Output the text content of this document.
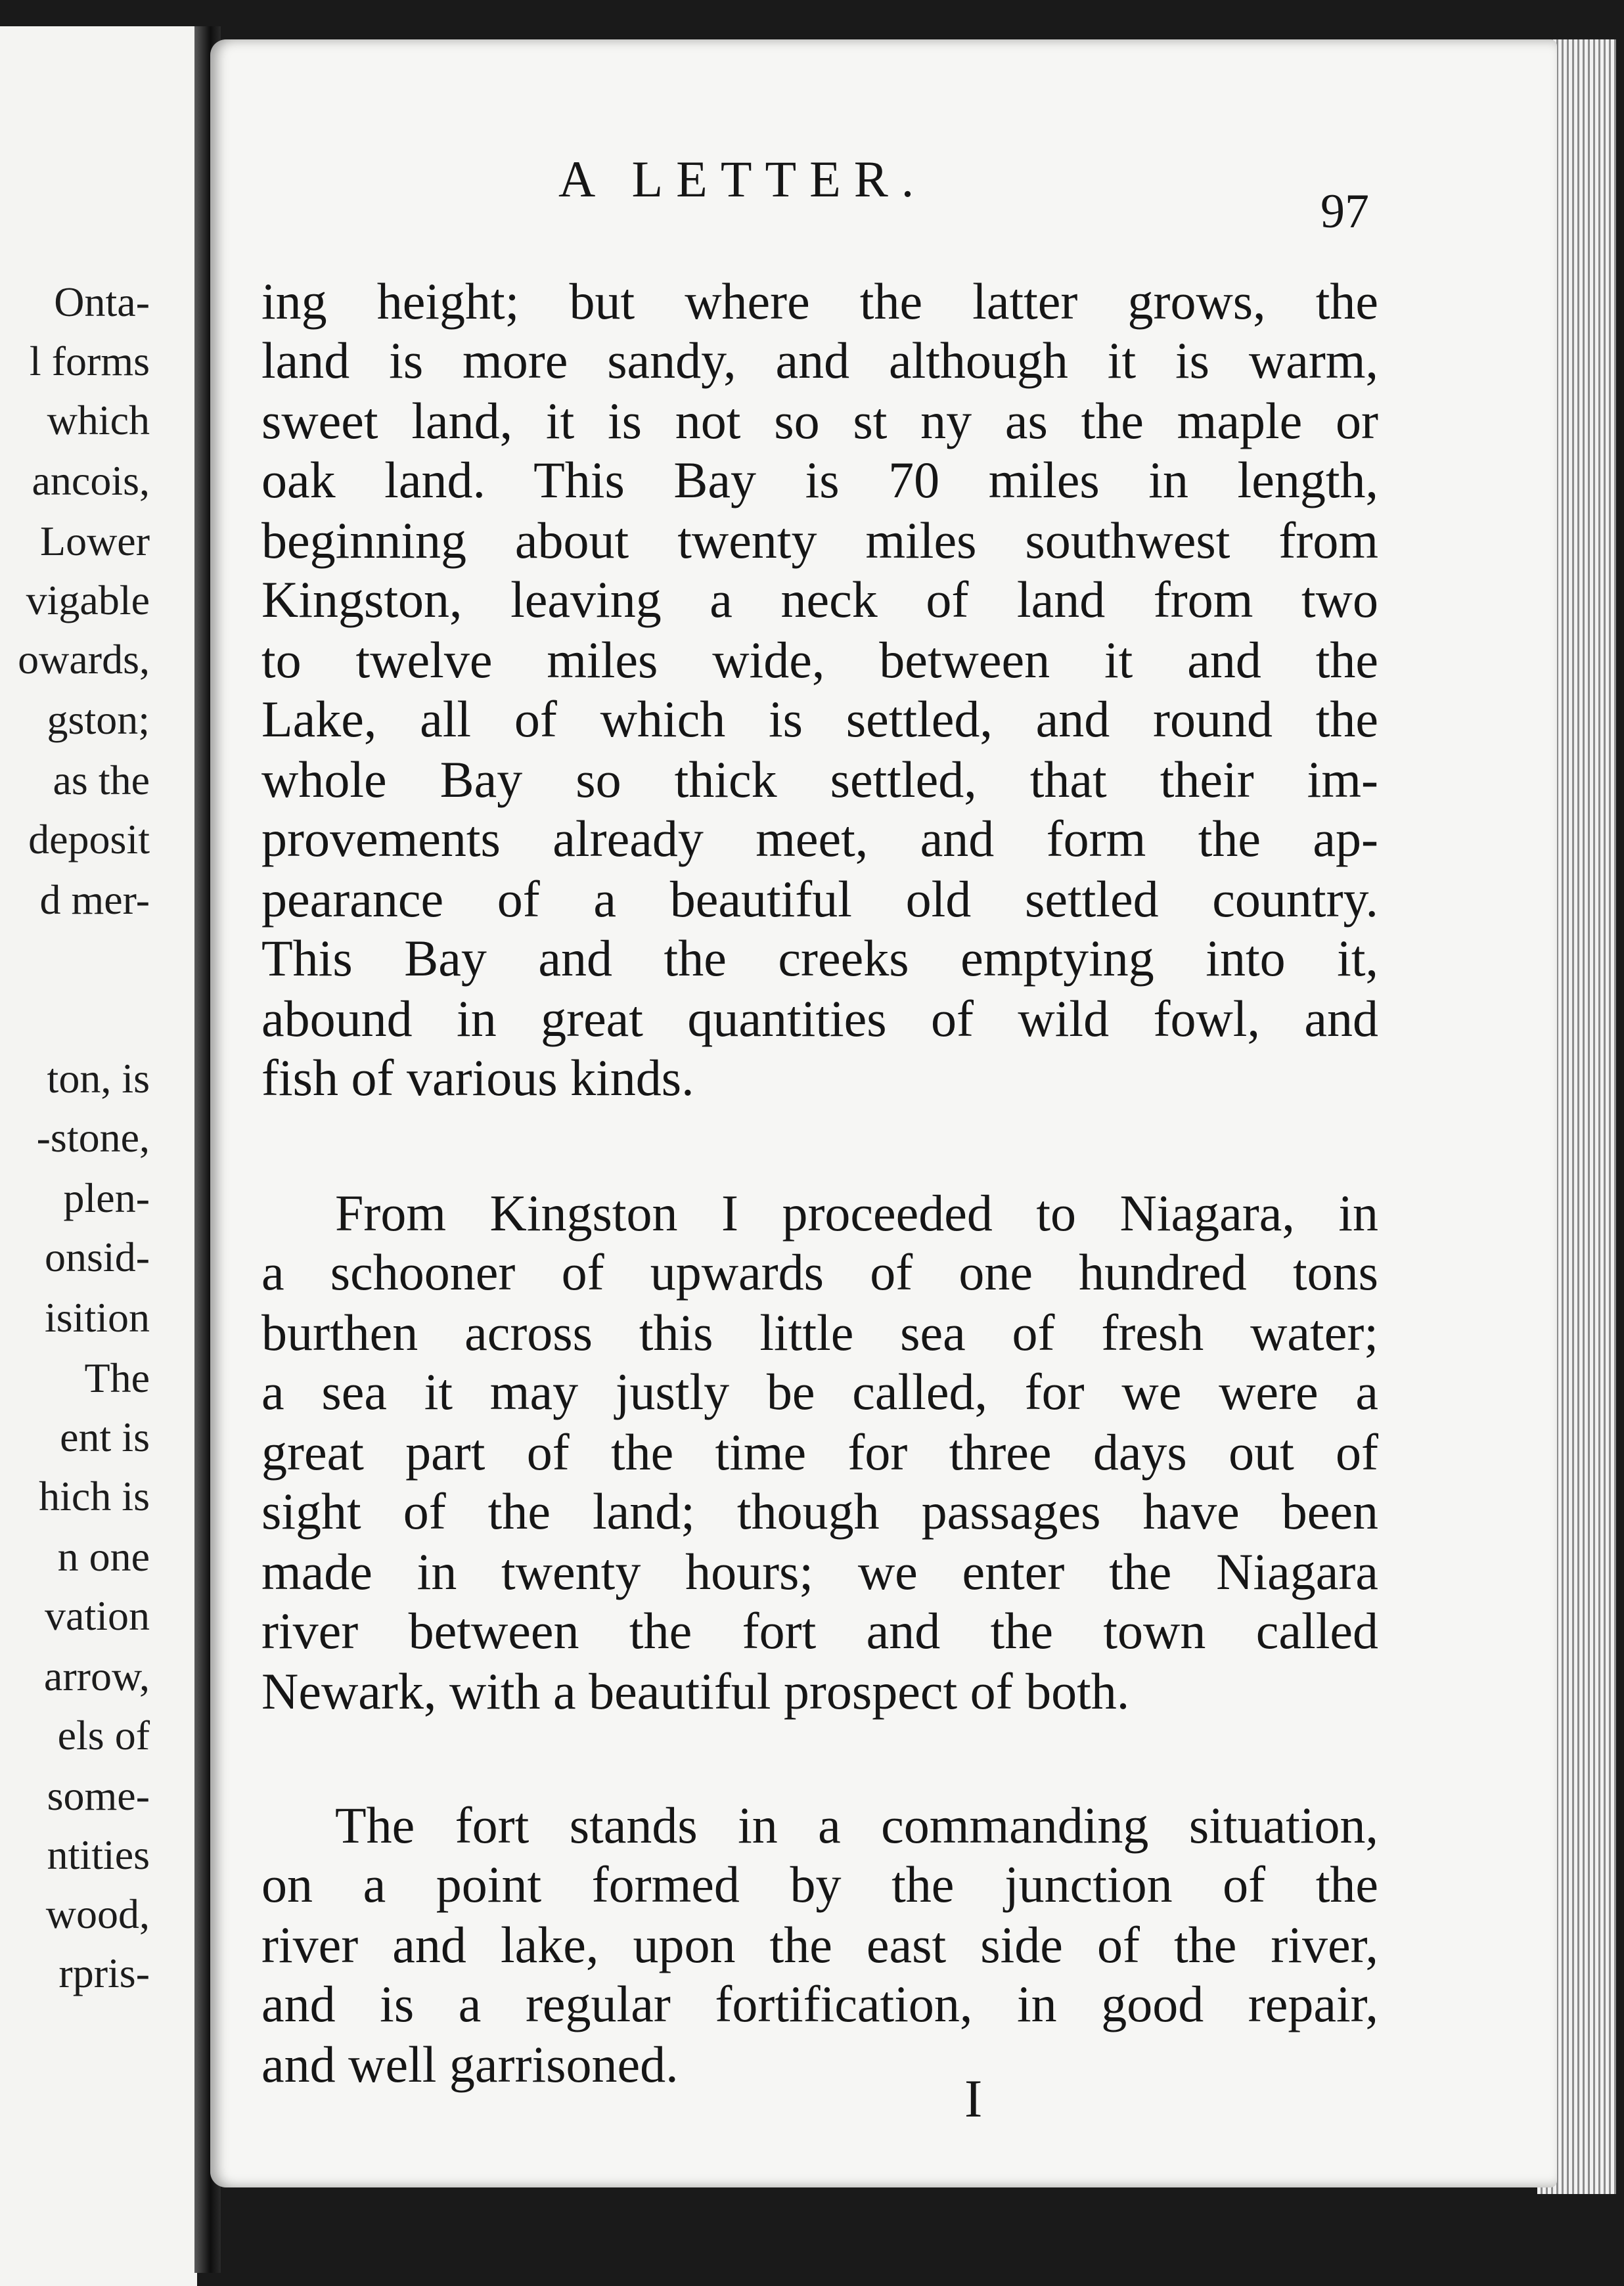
Onta-
l forms
which
ancois,
Lower
vigable
owards,
gston;
as the
deposit
d mer-
ton, is
-stone,
plen-
onsid-
isition
The
ent is
hich is
n one
vation
arrow,
els of
some-
ntities
wood,
rpris-
A LETTER.
97
ing height; but where the latter grows, the
land is more sandy, and although it is warm,
sweet land, it is not so st ny as the maple or
oak land. This Bay is 70 miles in length,
beginning about twenty miles southwest from
Kingston, leaving a neck of land from two
to twelve miles wide, between it and the
Lake, all of which is settled, and round the
whole Bay so thick settled, that their im-
provements already meet, and form the ap-
pearance of a beautiful old settled country.
This Bay and the creeks emptying into it,
abound in great quantities of wild fowl, and
fish of various kinds.
From Kingston I proceeded to Niagara, in
a schooner of upwards of one hundred tons
burthen across this little sea of fresh water;
a sea it may justly be called, for we were a
great part of the time for three days out of
sight of the land; though passages have been
made in twenty hours; we enter the Niagara
river between the fort and the town called
Newark, with a beautiful prospect of both.
The fort stands in a commanding situation,
on a point formed by the junction of the
river and lake, upon the east side of the river,
and is a regular fortification, in good repair,
and well garrisoned.
I
